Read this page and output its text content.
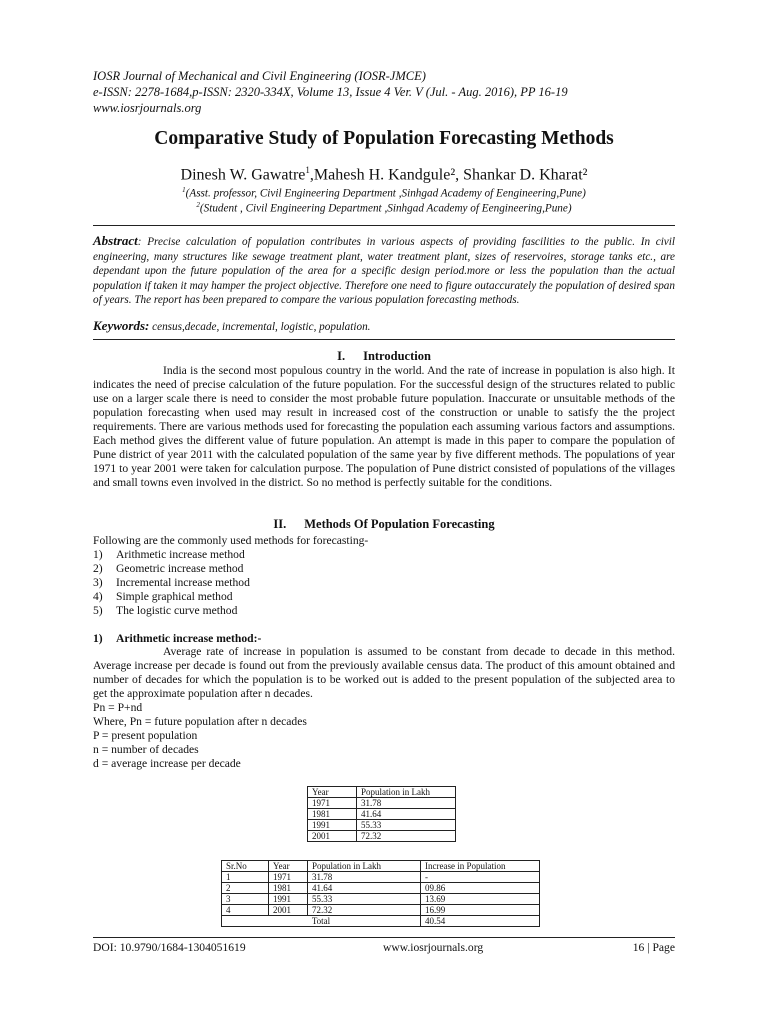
IOSR Journal of Mechanical and Civil Engineering (IOSR-JMCE)
e-ISSN: 2278-1684,p-ISSN: 2320-334X, Volume 13, Issue 4 Ver. V (Jul. - Aug. 2016), PP 16-19
www.iosrjournals.org
Comparative Study of Population Forecasting Methods
Dinesh W. Gawatre$^1$,Mahesh H. Kandgule², Shankar D. Kharat²
$^1$(Asst. professor, Civil Engineering Department ,Sinhgad Academy of Eengineering,Pune)
$^2$(Student , Civil Engineering Department ,Sinhgad Academy of Eengineering,Pune)
Abstract: Precise calculation of population contributes in various aspects of providing fascilities to the public. In civil engineering, many structures like sewage treatment plant, water treatment plant, sizes of reservoires, storage tanks etc., are dependant upon the future population of the area for a specific design period.more or less the population than the actual population if taken it may hamper the project objective. Therefore one need to figure outaccurately the population of desired span of years. The report has been prepared to compare the various population forecasting methods.
Keywords: census,decade, incremental, logistic, population.
I. Introduction
India is the second most populous country in the world. And the rate of increase in population is also high. It indicates the need of precise calculation of the future population. For the successful design of the structures related to public use on a larger scale there is need to consider the most probable future population. Inaccurate or unsuitable methods of the population forecasting when used may result in increased cost of the construction or unable to satisfy the the project requirements. There are various methods used for forecasting the population each assuming various factors and assumptions. Each method gives the different value of future population. An attempt is made in this paper to compare the population of Pune district of year 2011 with the calculated population of the same year by five different methods. The populations of year 1971 to year 2001 were taken for calculation purpose. The population of Pune district consisted of populations of the villages and small towns even involved in the district. So no method is perfectly suitable for the conditions.
II. Methods Of Population Forecasting
Following are the commonly used methods for forecasting-
1) Arithmetic increase method
2) Geometric increase method
3) Incremental increase method
4) Simple graphical method
5) The logistic curve method
1) Arithmetic increase method:-
Average rate of increase in population is assumed to be constant from decade to decade in this method. Average increase per decade is found out from the previously available census data. The product of this amount obtained and number of decades for which the population is to be worked out is added to the present population of the subjected area to get the approximate population after n decades.
Pn = P+nd
Where, Pn = future population after n decades
P = present population
n = number of decades
d = average increase per decade
Year	Population in Lakh
1971	31.78
1981	41.64
1991	55.33
2001	72.32
Sr.No	Year	Population in Lakh	Increase in Population
1	1971	31.78	-
2	1981	41.64	09.86
3	1991	55.33	13.69
4	2001	72.32	16.99
Total			40.54
DOI: 10.9790/1684-1304051619	www.iosrjournals.org	16 | Page
